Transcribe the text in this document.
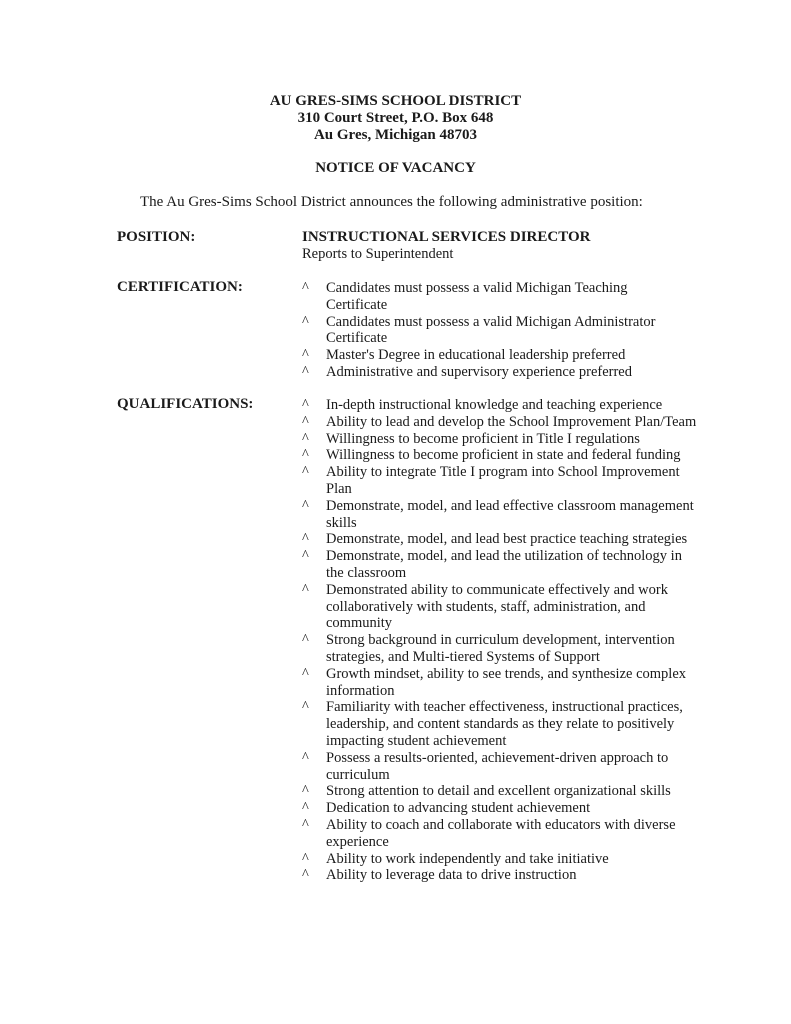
AU GRES-SIMS SCHOOL DISTRICT
310 Court Street, P.O. Box 648
Au Gres, Michigan 48703
NOTICE OF VACANCY
The Au Gres-Sims School District announces the following administrative position:
POSITION:	INSTRUCTIONAL SERVICES DIRECTOR
Reports to Superintendent
CERTIFICATION:	^ Candidates must possess a valid Michigan Teaching Certificate
^ Candidates must possess a valid Michigan Administrator Certificate
^ Master's Degree in educational leadership preferred
^ Administrative and supervisory experience preferred
QUALIFICATIONS:	^ In-depth instructional knowledge and teaching experience
^ Ability to lead and develop the School Improvement Plan/Team
^ Willingness to become proficient in Title I regulations
^ Willingness to become proficient in state and federal funding
^ Ability to integrate Title I program into School Improvement Plan
^ Demonstrate, model, and lead effective classroom management skills
^ Demonstrate, model, and lead best practice teaching strategies
^ Demonstrate, model, and lead the utilization of technology in the classroom
^ Demonstrated ability to communicate effectively and work collaboratively with students, staff, administration, and community
^ Strong background in curriculum development, intervention strategies, and Multi-tiered Systems of Support
^ Growth mindset, ability to see trends, and synthesize complex information
^ Familiarity with teacher effectiveness, instructional practices, leadership, and content standards as they relate to positively impacting student achievement
^ Possess a results-oriented, achievement-driven approach to curriculum
^ Strong attention to detail and excellent organizational skills
^ Dedication to advancing student achievement
^ Ability to coach and collaborate with educators with diverse experience
^ Ability to work independently and take initiative
^ Ability to leverage data to drive instruction
